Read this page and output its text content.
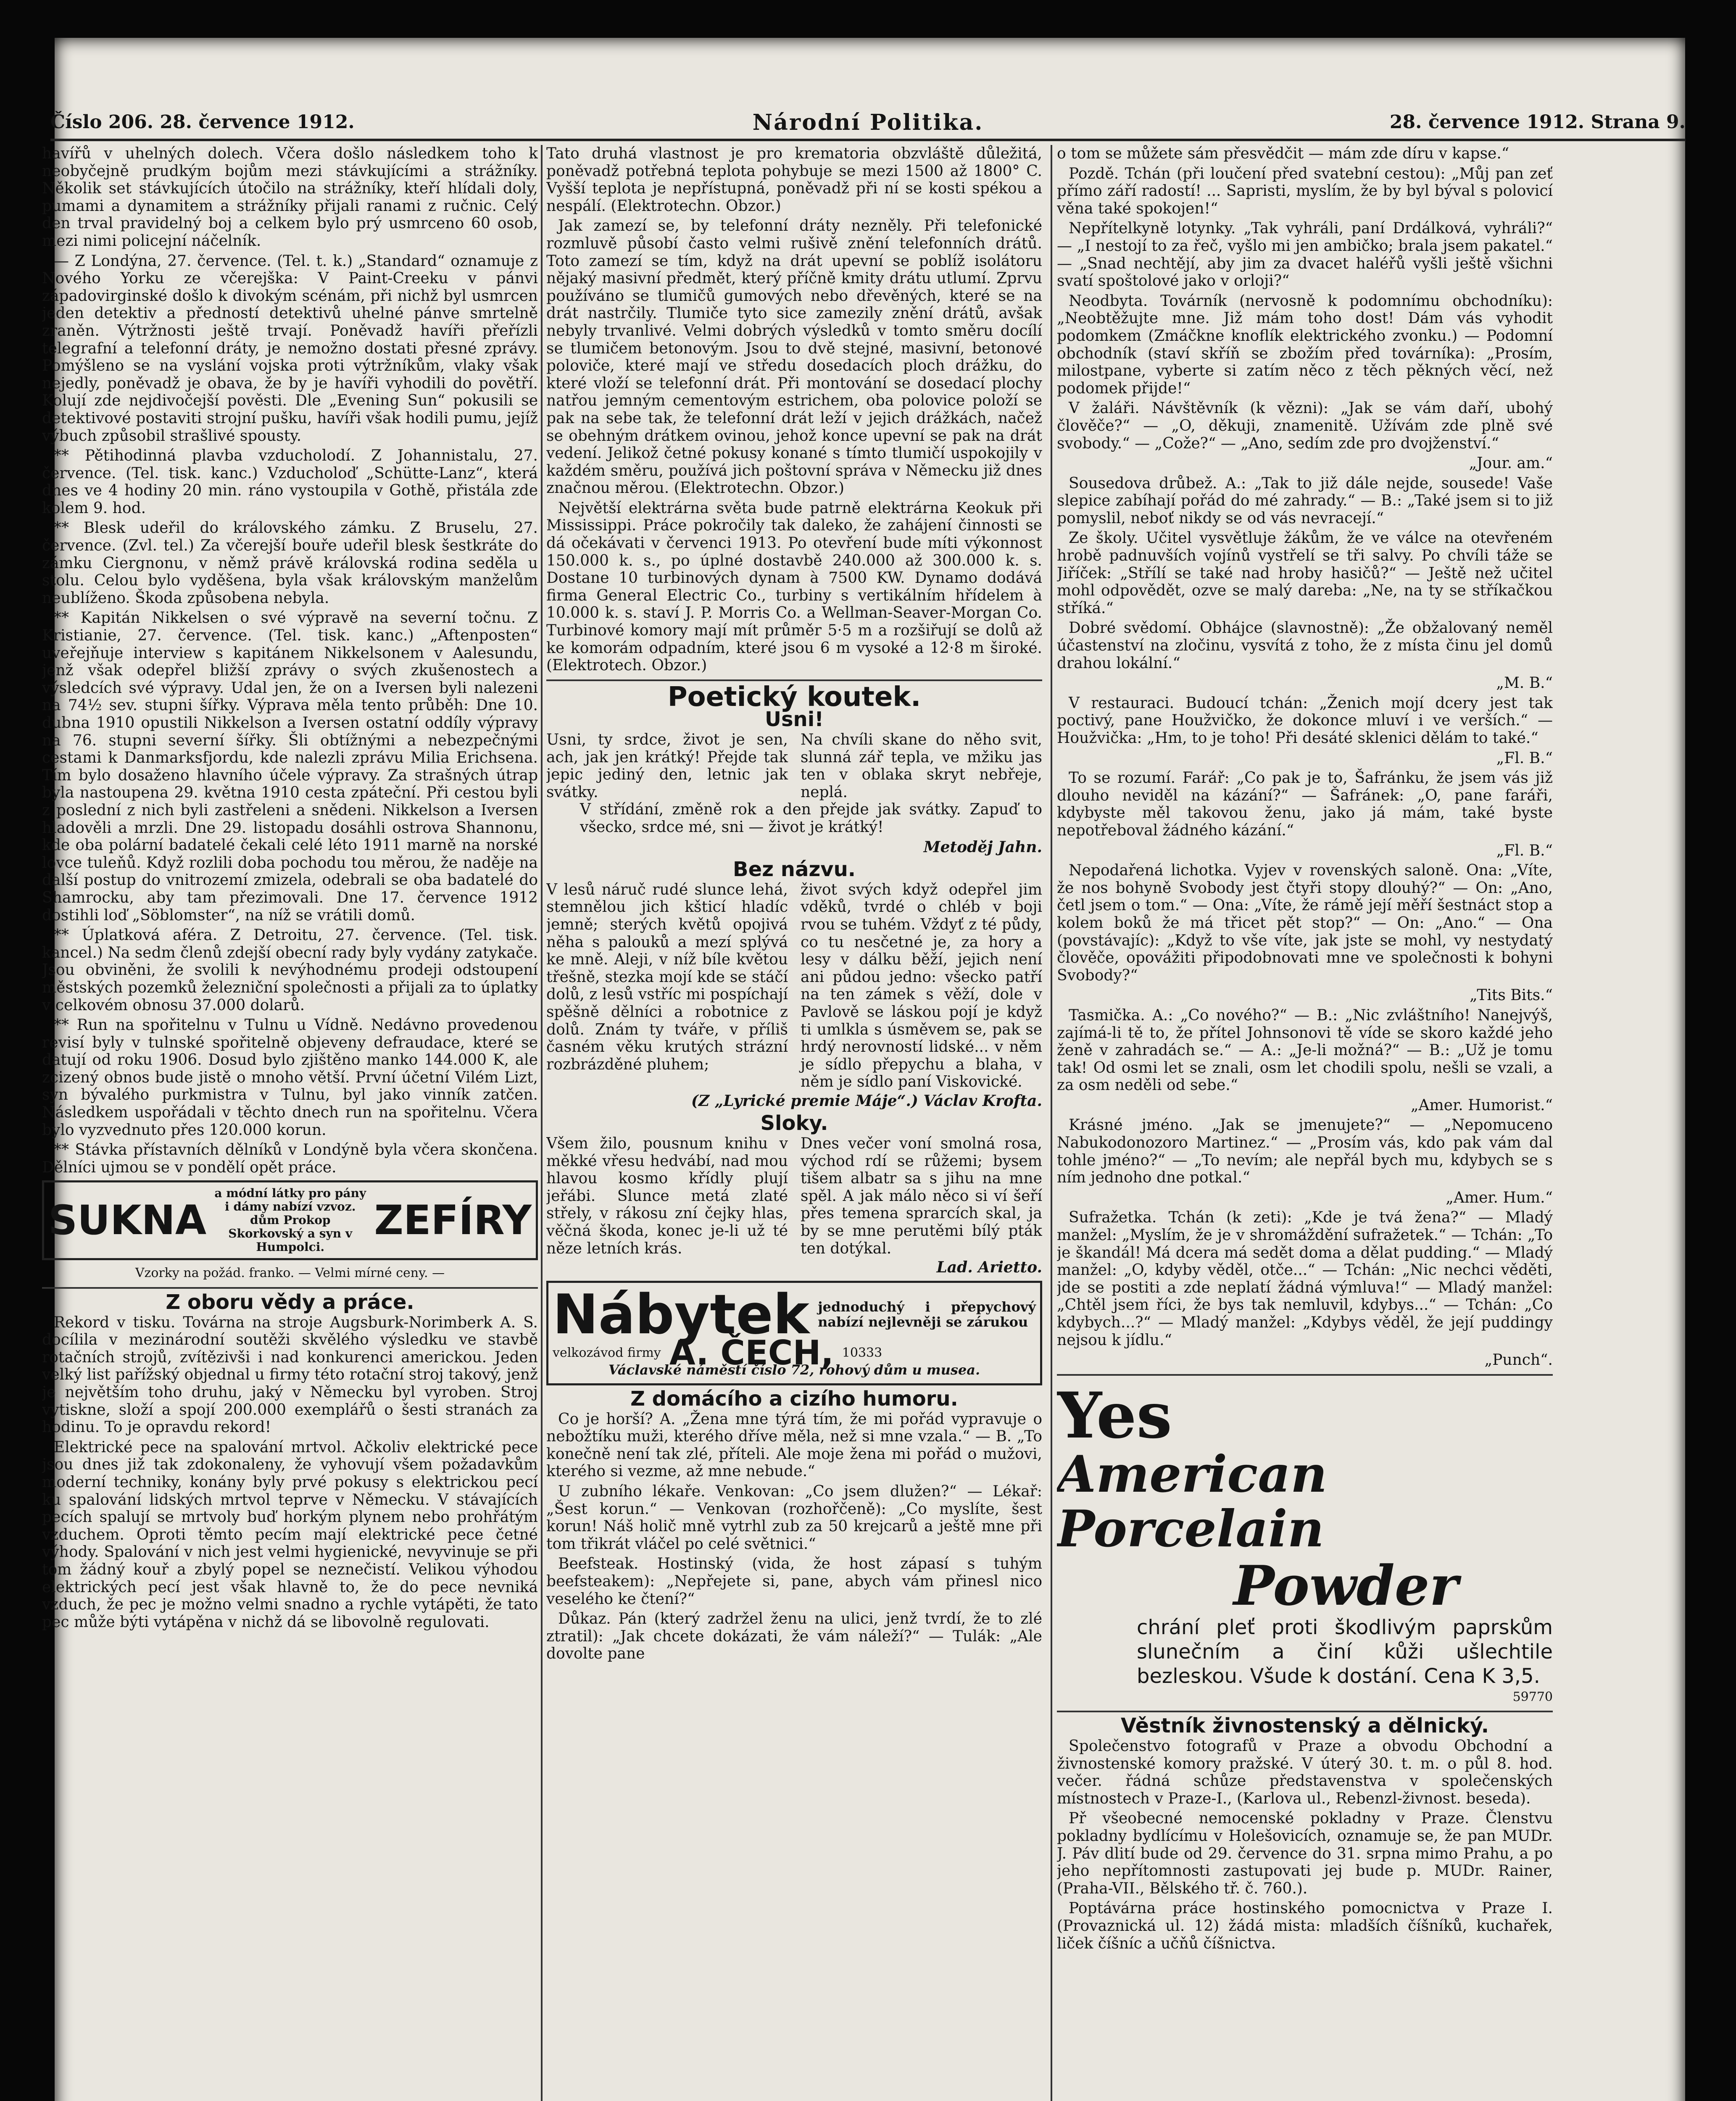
Číslo 206. 28. července 1912.	Národní Politika.	28. července 1912. Strana 9.

havířů v uhelných dolech. Včera došlo následkem toho k neobyčejně prudkým bojům mezi stávkujícími a strážníky. Několik set stávkujících útočilo na strážníky, kteří hlídali doly, pumami a dynamitem a strážníky přijali ranami z ručnic. Celý den trval pravidelný boj a celkem bylo prý usmrceno 60 osob, mezi nimi policejní náčelník.

— Z Londýna, 27. července. (Tel. t. k.) „Standard“ oznamuje z Nového Yorku ze včerejška: V Paint-Creeku v pánvi západovirginské došlo k divokým scénám, při nichž byl usmrcen jeden detektiv a předností detektivů uhelné pánve smrtelně zraněn. Výtržnosti ještě trvají. Poněvadž havíři přeřízli telegrafní a telefonní dráty, je nemožno dostati přesné zprávy. Pomýšleno se na vyslání vojska proti výtržníkům, vlaky však nejedly, poněvadž je obava, že by je havíři vyhodili do povětří. Kolují zde nejdivočejší pověsti. Dle „Evening Sun“ pokusili se detektivové postaviti strojní pušku, havíři však hodili pumu, jejíž výbuch způsobil strašlivé spousty.

** Pětihodinná plavba vzducholodí. Z Johannistalu, 27. července. (Tel. tisk. kanc.) Vzducholoď „Schütte-Lanz“, která dnes ve 4 hodiny 20 min. ráno vystoupila v Gothě, přistála zde kolem 9. hod.

** Blesk udeřil do královského zámku. Z Bruselu, 27. července. (Zvl. tel.) Za včerejší bouře udeřil blesk šestkráte do zámku Ciergnonu, v němž právě královská rodina seděla u stolu. Celou bylo vyděšena, byla však královským manželům neublíženo. Škoda způsobena nebyla.

** Kapitán Nikkelsen o své výpravě na severní točnu. Z Kristianie, 27. července. (Tel. tisk. kanc.) „Aftenposten“ uveřejňuje interview s kapitánem Nikkelsonem v Aalesundu, jenž však odepřel bližší zprávy o svých zkušenostech a výsledcích své výpravy. Udal jen, že on a Iversen byli nalezeni na 74½ sev. stupni šířky. Výprava měla tento průběh: Dne 10. dubna 1910 opustili Nikkelson a Iversen ostatní oddíly výpravy na 76. stupni severní šířky. Šli obtížnými a nebezpečnými cestami k Danmarksfjordu, kde nalezli zprávu Milia Erichsena. Tím bylo dosaženo hlavního účele výpravy. Za strašných útrap byla nastoupena 29. května 1910 cesta zpáteční. Při cestou byli z poslední z nich byli zastřeleni a snědeni. Nikkelson a Iversen hladověli a mrzli. Dne 29. listopadu dosáhli ostrova Shannonu, kde oba polární badatelé čekali celé léto 1911 marně na norské lovce tuleňů. Když rozlili doba pochodu tou měrou, že naděje na další postup do vnitrozemí zmizela, odebrali se oba badatelé do Shamrocku, aby tam přezimovali. Dne 17. července 1912 dostihli loď „Söblomster“, na níž se vrátili domů.

** Úplatková aféra. Z Detroitu, 27. července. (Tel. tisk. kancel.) Na sedm členů zdejší obecní rady byly vydány zatykače. Jsou obviněni, že svolili k nevýhodnému prodeji odstoupení městských pozemků železniční společnosti a přijali za to úplatky v celkovém obnosu 37.000 dolarů.

** Run na spořitelnu v Tulnu u Vídně. Nedávno provedenou revisí byly v tulnské spořitelně objeveny defraudace, které se datují od roku 1906. Dosud bylo zjištěno manko 144.000 K, ale zcizený obnos bude jistě o mnoho větší. První účetní Vilém Lizt, syn bývalého purkmistra v Tulnu, byl jako vinník zatčen. Následkem uspořádali v těchto dnech run na spořitelnu. Včera bylo vyzvednuto přes 120.000 korun.

** Stávka přístavních dělníků v Londýně byla včera skončena. Dělníci ujmou se v pondělí opět práce.

SUKNA
a módní látky pro pány i dámy nabízí vzvoz. dům Prokop Skorkovský a syn v Humpolci.
ZEFÍRY

Vzorky na požád. franko. — Velmi mírné ceny. —

Z oboru vědy a práce.

Rekord v tisku. Továrna na stroje Augsburk-Norimberk A. S. docílila v mezinárodní soutěži skvělého výsledku ve stavbě rotačních strojů, zvítězivši i nad konkurenci americkou. Jeden velký list pařížský objednal u firmy této rotační stroj takový, jenž je největším toho druhu, jaký v Německu byl vyroben. Stroj vytiskne, složí a spojí 200.000 exemplářů o šesti stranách za hodinu. To je opravdu rekord!

Elektrické pece na spalování mrtvol. Ačkoliv elektrické pece jsou dnes již tak zdokonaleny, že vyhovují všem požadavkům moderní techniky, konány byly prvé pokusy s elektrickou pecí ku spalování lidských mrtvol teprve v Německu. V stávajících pecích spalují se mrtvoly buď horkým plynem nebo prohřátým vzduchem. Oproti těmto pecím mají elektrické pece četné výhody. Spalování v nich jest velmi hygienické, nevyvinuje se při tom žádný kouř a zbylý popel se neznečistí. Velikou výhodou elektrických pecí jest však hlavně to, že do pece nevniká vzduch, že pec je možno velmi snadno a rychle vytápěti, že tato pec může býti vytápěna v nichž dá se libovolně regulovati.

Tato druhá vlastnost je pro krematoria obzvláště důležitá, poněvadž potřebná teplota pohybuje se mezi 1500 až 1800° C. Vyšší teplota je nepřístupná, poněvadž při ní se kosti spékou a nespálí. (Elektrotechn. Obzor.)

Jak zamezí se, by telefonní dráty nezněly. Při telefonické rozmluvě působí často velmi rušivě znění telefonních drátů. Toto zamezí se tím, když na drát upevní se poblíž isolátoru nějaký masivní předmět, který příčně kmity drátu utlumí. Zprvu používáno se tlumičů gumových nebo dřevěných, které se na drát nastrčily. Tlumiče tyto sice zamezily znění drátů, avšak nebyly trvanlivé. Velmi dobrých výsledků v tomto směru docílí se tlumičem betonovým. Jsou to dvě stejné, masivní, betonové poloviče, které mají ve středu dosedacích ploch drážku, do které vloží se telefonní drát. Při montování se dosedací plochy natřou jemným cementovým estrichem, oba polovice položí se pak na sebe tak, že telefonní drát leží v jejich drážkách, načež se obehným drátkem ovinou, jehož konce upevní se pak na drát vedení. Jelikož četné pokusy konané s tímto tlumičí uspokojily v každém směru, používá jich poštovní správa v Německu již dnes značnou měrou. (Elektrotechn. Obzor.)

Největší elektrárna světa bude patrně elektrárna Keokuk při Mississippi. Práce pokročily tak daleko, že zahájení činnosti se dá očekávati v červenci 1913. Po otevření bude míti výkonnost 150.000 k. s., po úplné dostavbě 240.000 až 300.000 k. s. Dostane 10 turbinových dynam à 7500 KW. Dynamo dodává firma General Electric Co., turbiny s vertikálním hřídelem à 10.000 k. s. staví J. P. Morris Co. a Wellman-Seaver-Morgan Co. Turbinové komory mají mít průměr 5·5 m a rozšiřují se dolů až ke komorám odpadním, které jsou 6 m vysoké a 12·8 m široké. (Elektrotech. Obzor.)

Poetický koutek.
Usni!

Usni, ty srdce, život je sen, ach, jak jen krátký! Přejde tak jepic jediný den, letnic jak svátky.

Na chvíli skane do něho svit, slunná zář tepla, ve mžiku jas ten v oblaka skryt nebřeje, neplá.

V střídání, změně rok a den přejde jak svátky. Zapuď to všecko, srdce mé, sni — život je krátký!

Metoděj Jahn.

Bez názvu.

V lesů náruč rudé slunce lehá, stemnělou jich kšticí hladíc jemně; sterých květů opojivá něha s palouků a mezí splývá ke mně. Aleji, v níž bíle květou třešně, stezka mojí kde se stáčí dolů, z lesů vstříc mi pospíchají spěšně dělníci a robotnice z dolů. Znám ty tváře, v příliš časném věku krutých strázní rozbrázděné pluhem;

život svých když odepřel jim vděků, tvrdé o chléb v boji rvou se tuhém. Vždyť z té půdy, co tu nesčetné je, za hory a lesy v dálku běží, jejich není ani půdou jedno: všecko patří na ten zámek s věží, dole v Pavlově se láskou pojí je když ti umlkla s úsměvem se, pak se hrdý nerovností lidské... v něm je sídlo přepychu a blaha, v něm je sídlo paní Viskovické.

(Z „Lyrické premie Máje“.) Václav Krofta.

Sloky.

Všem žilo, pousnum knihu v měkké vřesu hedvábí, nad mou hlavou kosmo křídly plují jeřábi. Slunce metá zlaté střely, v rákosu zní čejky hlas, věčná škoda, konec je-li už té něze letních krás.

Dnes večer voní smolná rosa, východ rdí se růžemi; bysem tišem albatr sa s jihu na mne spěl. A jak málo něco si ví šeří přes temena sprarcích skal, ja by se mne perutěmi bílý pták ten dotýkal.

Lad. Arietto.

Nábytek jednoduchý i přepychový nabízí nejlevněji se zárukou
velkozávod firmy A. ČECH, 10333
Václavské náměstí číslo 72, rohový dům u musea.
Z domácího a cizího humoru.

Co je horší? A. „Žena mne týrá tím, že mi pořád vypravuje o nebožtíku muži, kterého dříve měla, než si mne vzala.“ — B. „To konečně není tak zlé, příteli. Ale moje žena mi pořád o mužovi, kterého si vezme, až mne nebude.“

U zubního lékaře. Venkovan: „Co jsem dlužen?“ — Lékař: „Šest korun.“ — Venkovan (rozhořčeně): „Co myslíte, šest korun! Náš holič mně vytrhl zub za 50 krejcarů a ještě mne při tom třikrát vláčel po celé světnici.“

Beefsteak. Hostinský (vida, že host zápasí s tuhým beefsteakem): „Nepřejete si, pane, abych vám přinesl nico veselého ke čtení?“

Důkaz. Pán (který zadržel ženu na ulici, jenž tvrdí, že to zlé ztratil): „Jak chcete dokázati, že vám náleží?“ — Tulák: „Ale dovolte pane

o tom se můžete sám přesvědčit — mám zde díru v kapse.“

Pozdě. Tchán (při loučení před svatební cestou): „Můj pan zeť přímo září radostí! ... Sapristi, myslím, že by byl býval s polovicí věna také spokojen!“

Nepřítelkyně lotynky. „Tak vyhráli, paní Drdálková, vyhráli?“ — „I nestojí to za řeč, vyšlo mi jen ambičko; brala jsem pakatel.“ — „Snad nechtějí, aby jim za dvacet haléřů vyšli ještě všichni svatí spoštolové jako v orloji?“

Neodbyta. Továrník (nervosně k podomnímu obchodníku): „Neobtěžujte mne. Již mám toho dost! Dám vás vyhodit podomkem (Zmáčkne knoflík elektrického zvonku.) — Podomní obchodník (staví skříň se zbožím před továrníka): „Prosím, milostpane, vyberte si zatím něco z těch pěkných věcí, než podomek přijde!“

V žaláři. Návštěvník (k vězni): „Jak se vám daří, ubohý člověče?“ — „O, děkuji, znamenitě. Užívám zde plně své svobody.“ — „Cože?“ — „Ano, sedím zde pro dvojženství.“

„Jour. am.“

Sousedova drůbež. A.: „Tak to již dále nejde, sousede! Vaše slepice zabíhají pořád do mé zahrady.“ — B.: „Také jsem si to již pomyslil, neboť nikdy se od vás nevracejí.“

Ze školy. Učitel vysvětluje žákům, že ve válce na otevřeném hrobě padnuvších vojínů vystřelí se tři salvy. Po chvíli táže se Jiříček: „Střílí se také nad hroby hasičů?“ — Ještě než učitel mohl odpovědět, ozve se malý dareba: „Ne, na ty se stříkačkou stříká.“

Dobré svědomí. Obhájce (slavnostně): „Že obžalovaný neměl účastenství na zločinu, vysvítá z toho, že z místa činu jel domů drahou lokální.“

„M. B.“

V restauraci. Budoucí tchán: „Ženich mojí dcery jest tak poctivý, pane Houžvičko, že dokonce mluví i ve verších.“ — Houžvička: „Hm, to je toho! Při desáté sklenici dělám to také.“

„Fl. B.“

To se rozumí. Farář: „Co pak je to, Šafránku, že jsem vás již dlouho neviděl na kázání?“ — Šafránek: „O, pane faráři, kdybyste měl takovou ženu, jako já mám, také byste nepotřeboval žádného kázání.“

„Fl. B.“

Nepodařená lichotka. Vyjev v rovenských saloně. Ona: „Víte, že nos bohyně Svobody jest čtyři stopy dlouhý?“ — On: „Ano, četl jsem o tom.“ — Ona: „Víte, že rámě její měří šestnáct stop a kolem boků že má třicet pět stop?“ — On: „Ano.“ — Ona (povstávajíc): „Když to vše víte, jak jste se mohl, vy nestydatý člověče, opovážiti připodobnovati mne ve společnosti k bohyni Svobody?“

„Tits Bits.“

Tasmička. A.: „Co nového?“ — B.: „Nic zvláštního! Nanejvýš, zajímá-li tě to, že přítel Johnsonovi tě víde se skoro každé jeho ženě v zahradách se.“ — A.: „Je-li možná?“ — B.: „Už je tomu tak! Od osmi let se znali, osm let chodili spolu, nešli se vzali, a za osm neděli od sebe.“

„Amer. Humorist.“

Krásné jméno. „Jak se jmenujete?“ — „Nepomuceno Nabukodonozoro Martinez.“ — „Prosím vás, kdo pak vám dal tohle jméno?“ — „To nevím; ale nepřál bych mu, kdybych se s ním jednoho dne potkal.“

„Amer. Hum.“

Sufražetka. Tchán (k zeti): „Kde je tvá žena?“ — Mladý manžel: „Myslím, že je v shromáždění sufražetek.“ — Tchán: „To je škandál! Má dcera má sedět doma a dělat pudding.“ — Mladý manžel: „O, kdyby věděl, otče...“ — Tchán: „Nic nechci věděti, jde se postiti a zde neplatí žádná výmluva!“ — Mladý manžel: „Chtěl jsem říci, že bys tak nemluvil, kdybys...“ — Tchán: „Co kdybych...?“ — Mladý manžel: „Kdybys věděl, že její puddingy nejsou k jídlu.“

„Punch“.

Yes
American Porcelain
Powder
chrání pleť proti škodlivým paprskům slunečním a činí kůži ušlechtile bezleskou. Všude k dostání. Cena K 3,5.
59770
Věstník živnostenský a dělnický.

Společenstvo fotografů v Praze a obvodu Obchodní a živnostenské komory pražské. V úterý 30. t. m. o půl 8. hod. večer. řádná schůze představenstva v společenských místnostech v Praze-I., (Karlova ul., Rebenzl-živnost. beseda).

Př všeobecné nemocenské pokladny v Praze. Členstvu pokladny bydlícímu v Holešovicích, oznamuje se, že pan MUDr. J. Páv dlití bude od 29. července do 31. srpna mimo Prahu, a po jeho nepřítomnosti zastupovati jej bude p. MUDr. Rainer, (Praha-VII., Bělského tř. č. 760.).

Poptávárna práce hostinského pomocnictva v Praze I. (Provaznická ul. 12) žádá mista: mladších číšníků, kuchařek, liček číšníc a učňů číšnictva.
